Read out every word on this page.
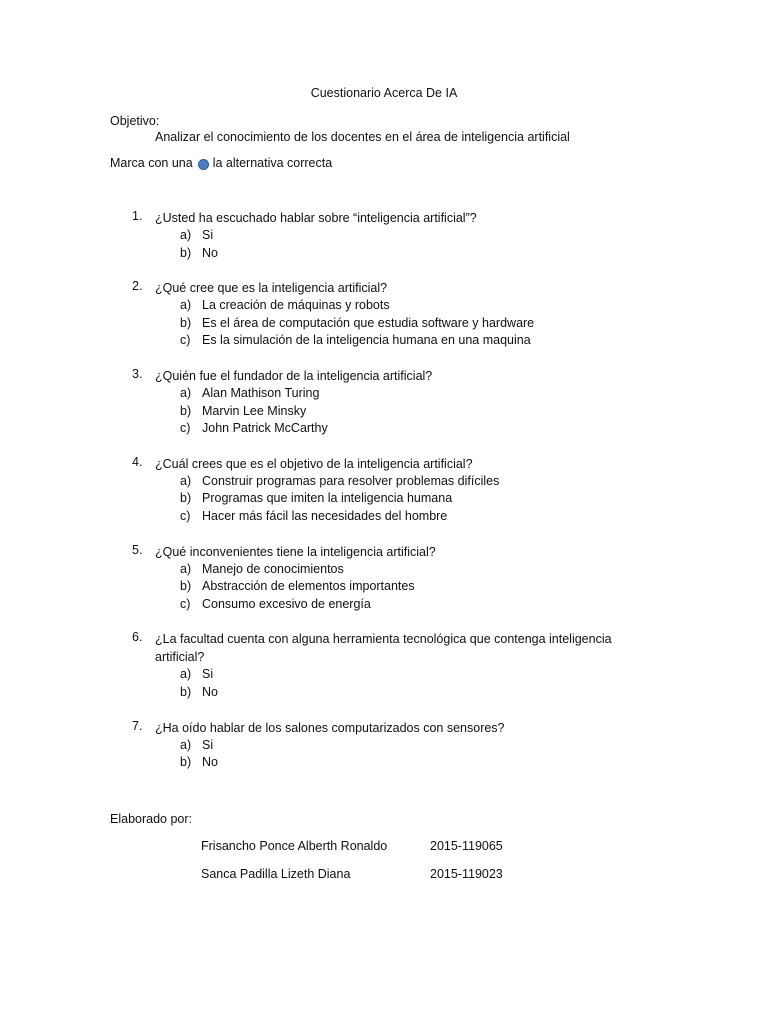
Cuestionario Acerca De IA
Objetivo:
Analizar el conocimiento de los docentes en el área de inteligencia artificial
Marca con una la alternativa correcta
1. ¿Usted ha escuchado hablar sobre “inteligencia artificial”?
a) Si
b) No
2. ¿Qué cree que es la inteligencia artificial?
a) La creación de máquinas y robots
b) Es el área de computación que estudia software y hardware
c) Es la simulación de la inteligencia humana en una maquina
3. ¿Quién fue el fundador de la inteligencia artificial?
a) Alan Mathison Turing
b) Marvin Lee Minsky
c) John Patrick McCarthy
4. ¿Cuál crees que es el objetivo de la inteligencia artificial?
a) Construir programas para resolver problemas difíciles
b) Programas que imiten la inteligencia humana
c) Hacer más fácil las necesidades del hombre
5. ¿Qué inconvenientes tiene la inteligencia artificial?
a) Manejo de conocimientos
b) Abstracción de elementos importantes
c) Consumo excesivo de energía
6. ¿La facultad cuenta con alguna herramienta tecnológica que contenga inteligencia artificial?
a) Si
b) No
7. ¿Ha oído hablar de los salones computarizados con sensores?
a) Si
b) No
Elaborado por:
Frisancho Ponce Alberth Ronaldo	2015-119065
Sanca Padilla Lizeth Diana	2015-119023
